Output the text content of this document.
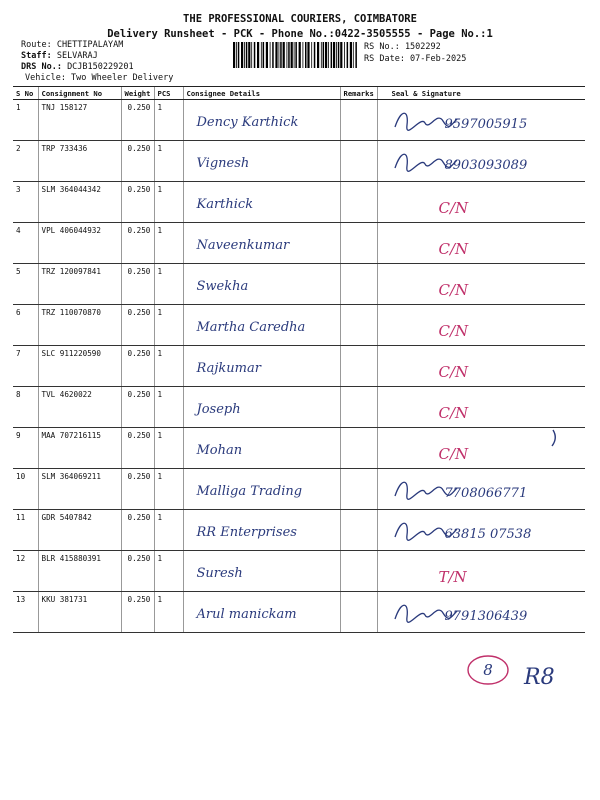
THE PROFESSIONAL COURIERS, COIMBATORE
Delivery Runsheet - PCK - Phone No.:0422-3505555 - Page No.:1
Route: CHETTIPALAYAM
Staff: SELVARAJ
DRS No.: DCJB150229201
Vehicle: Two Wheeler Delivery
RS No.: 1502292
RS Date: 07-Feb-2025
S No	Consignment No	Weight	PCS	Consignee Details	Remarks	Seal & Signature
1	TNJ 158127	0.250	1	Dency Karthick		9597005915

2	TRP 733436	0.250	1	Vignesh		8903093089

3	SLM 364044342	0.250	1	Karthick		C/N

4	VPL 406044932	0.250	1	Naveenkumar		C/N

5	TRZ 120097841	0.250	1	Swekha		C/N

6	TRZ 110070870	0.250	1	Martha Caredha		C/N

7	SLC 911220590	0.250	1	Rajkumar		C/N

8	TVL 4620022	0.250	1	Joseph		C/N

9	MAA 707216115	0.250	1	Mohan		C/N

10	SLM 364069211	0.250	1	Malliga Trading		7708066771

11	GDR 5407842	0.250	1	RR Enterprises		63815 07538

12	BLR 415880391	0.250	1	Suresh		T/N

13	KKU 381731	0.250	1	Arul manickam		9791306439
8 R8
